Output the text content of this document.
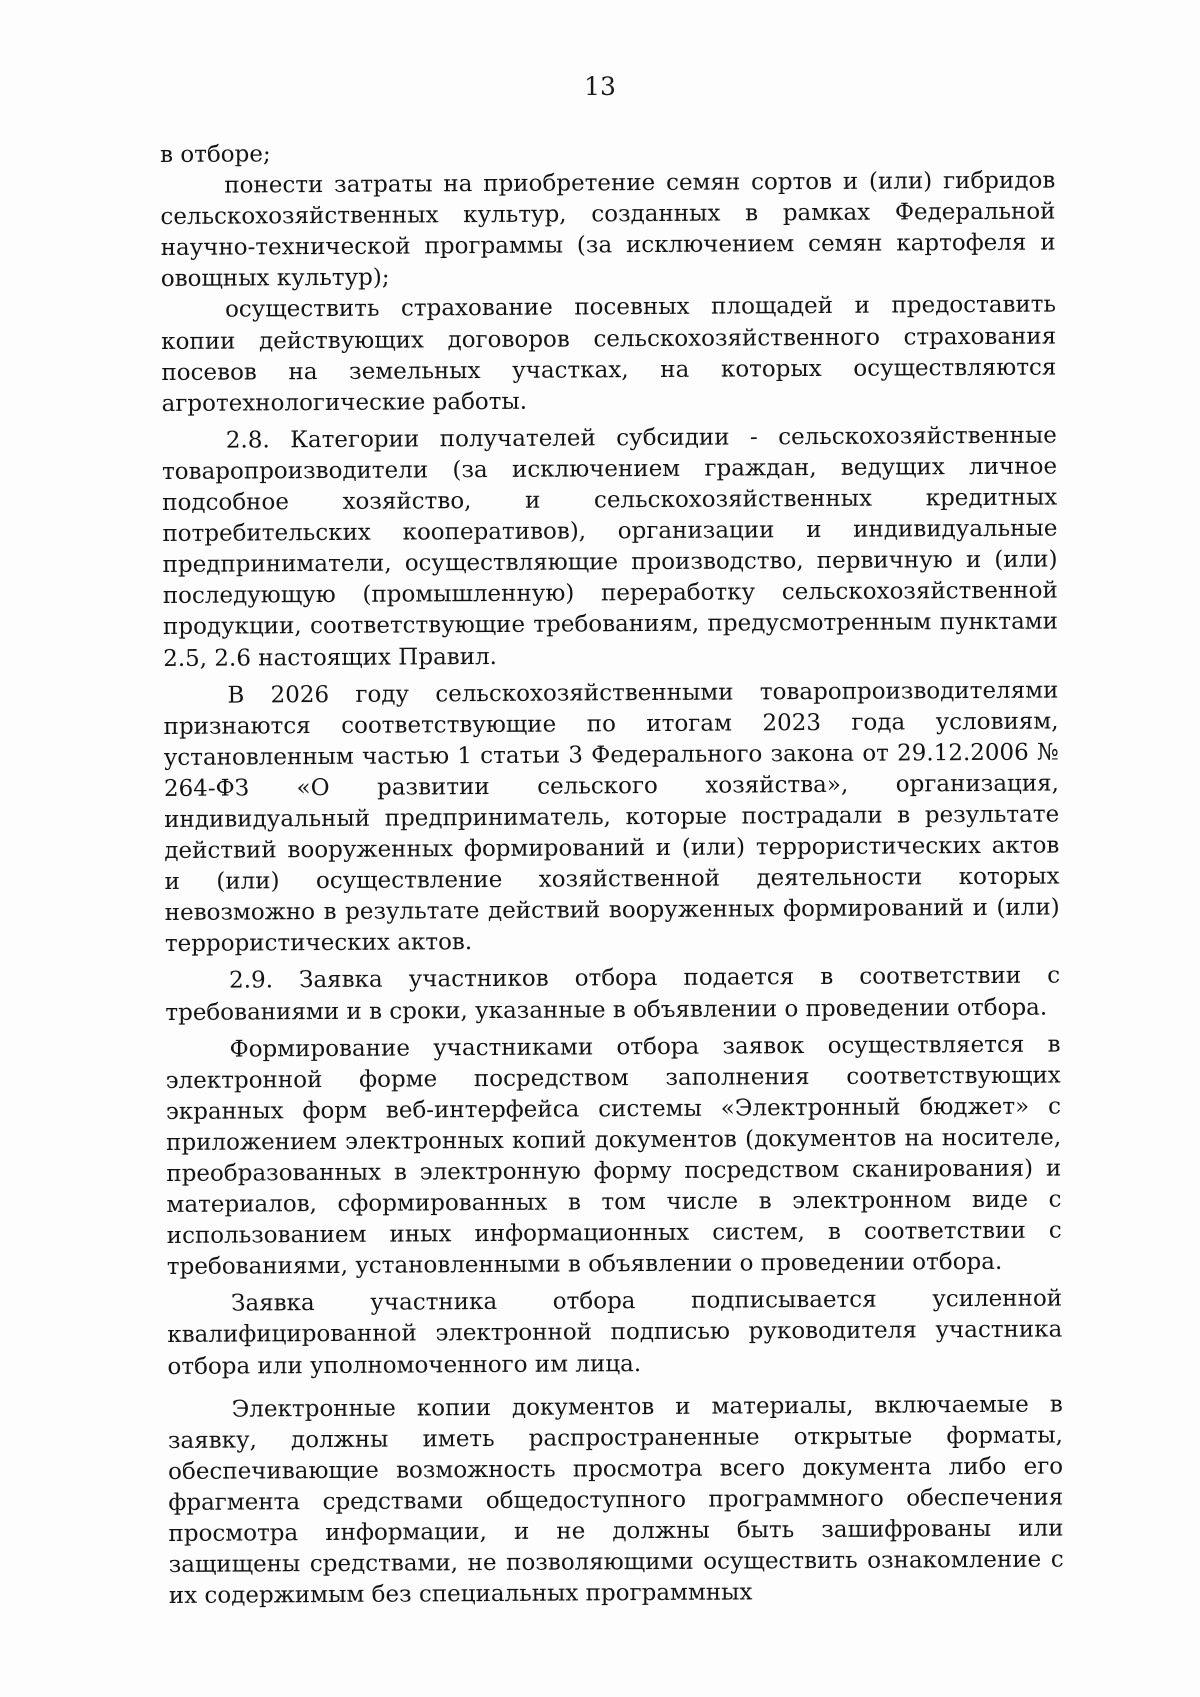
13

в отборе;

понести затраты на приобретение семян сортов и (или) гибридов сельскохозяйственных культур, созданных в рамках Федеральной научно-технической программы (за исключением семян картофеля и овощных культур);

осуществить страхование посевных площадей и предоставить копии действующих договоров сельскохозяйственного страхования посевов на земельных участках, на которых осуществляются агротехнологические работы.

2.8. Категории получателей субсидии - сельскохозяйственные товаропроизводители (за исключением граждан, ведущих личное подсобное хозяйство, и сельскохозяйственных кредитных потребительских кооперативов), организации и индивидуальные предприниматели, осуществляющие производство, первичную и (или) последующую (промышленную) переработку сельскохозяйственной продукции, соответствующие требованиям, предусмотренным пунктами 2.5, 2.6 настоящих Правил.

В 2026 году сельскохозяйственными товаропроизводителями признаются соответствующие по итогам 2023 года условиям, установленным частью 1 статьи 3 Федерального закона от 29.12.2006 № 264-ФЗ «О развитии сельского хозяйства», организация, индивидуальный предприниматель, которые пострадали в результате действий вооруженных формирований и (или) террористических актов и (или) осуществление хозяйственной деятельности которых невозможно в результате действий вооруженных формирований и (или) террористических актов.

2.9. Заявка участников отбора подается в соответствии с требованиями и в сроки, указанные в объявлении о проведении отбора.

Формирование участниками отбора заявок осуществляется в электронной форме посредством заполнения соответствующих экранных форм веб-интерфейса системы «Электронный бюджет» с приложением электронных копий документов (документов на носителе, преобразованных в электронную форму посредством сканирования) и материалов, сформированных в том числе в электронном виде с использованием иных информационных систем, в соответствии с требованиями, установленными в объявлении о проведении отбора.

Заявка участника отбора подписывается усиленной квалифицированной электронной подписью руководителя участника отбора или уполномоченного им лица.

Электронные копии документов и материалы, включаемые в заявку, должны иметь распространенные открытые форматы, обеспечивающие возможность просмотра всего документа либо его фрагмента средствами общедоступного программного обеспечения просмотра информации, и не должны быть зашифрованы или защищены средствами, не позволяющими осуществить ознакомление с их содержимым без специальных программных
